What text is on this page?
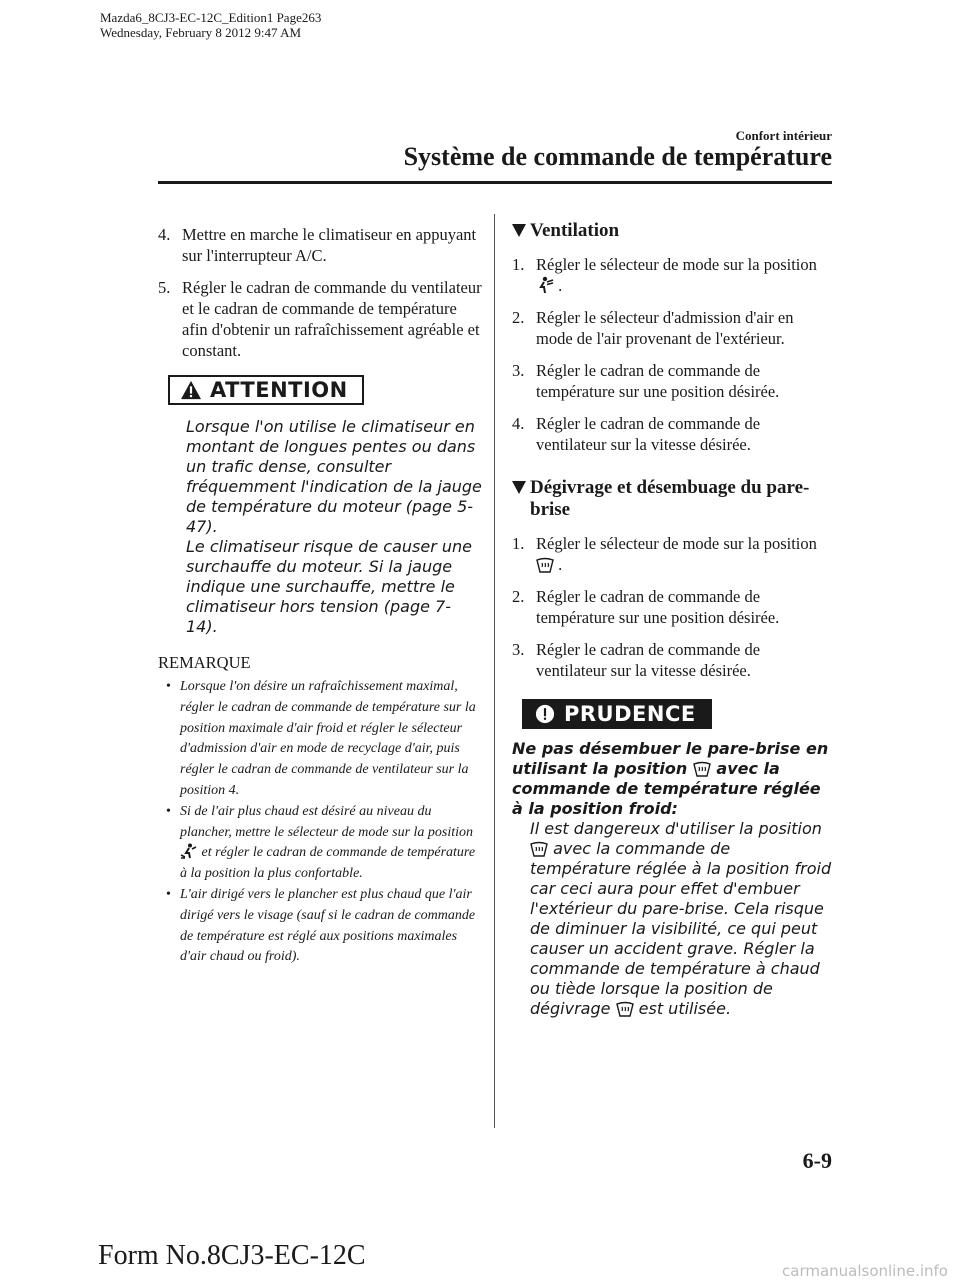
Mazda6_8CJ3-EC-12C_Edition1 Page263
Wednesday, February 8 2012 9:47 AM
Confort intérieur
Système de commande de température
4. Mettre en marche le climatiseur en appuyant sur l'interrupteur A/C.
5. Régler le cadran de commande du ventilateur et le cadran de commande de température afin d'obtenir un rafraîchissement agréable et constant.
ATTENTION
Lorsque l'on utilise le climatiseur en montant de longues pentes ou dans un trafic dense, consulter fréquemment l'indication de la jauge de température du moteur (page 5-47).
Le climatiseur risque de causer une surchauffe du moteur. Si la jauge indique une surchauffe, mettre le climatiseur hors tension (page 7-14).
REMARQUE
• Lorsque l'on désire un rafraîchissement maximal, régler le cadran de commande de température sur la position maximale d'air froid et régler le sélecteur d'admission d'air en mode de recyclage d'air, puis régler le cadran de commande de ventilateur sur la position 4.
• Si de l'air plus chaud est désiré au niveau du plancher, mettre le sélecteur de mode sur la position  et régler le cadran de commande de température à la position la plus confortable.
• L'air dirigé vers le plancher est plus chaud que l'air dirigé vers le visage (sauf si le cadran de commande de température est réglé aux positions maximales d'air chaud ou froid).
Ventilation
1. Régler le sélecteur de mode sur la position  .
2. Régler le sélecteur d'admission d'air en mode de l'air provenant de l'extérieur.
3. Régler le cadran de commande de température sur une position désirée.
4. Régler le cadran de commande de ventilateur sur la vitesse désirée.
Dégivrage et désembuage du pare-brise
1. Régler le sélecteur de mode sur la position  .
2. Régler le cadran de commande de température sur une position désirée.
3. Régler le cadran de commande de ventilateur sur la vitesse désirée.
PRUDENCE
Ne pas désembuer le pare-brise en utilisant la position avec la commande de température réglée à la position froid:
Il est dangereux d'utiliser la position  avec la commande de température réglée à la position froid car ceci aura pour effet d'embuer l'extérieur du pare-brise. Cela risque de diminuer la visibilité, ce qui peut causer un accident grave. Régler la commande de température à chaud ou tiède lorsque la position de dégivrage est utilisée.
6-9
Form No.8CJ3-EC-12C	carmanualsonline.info
